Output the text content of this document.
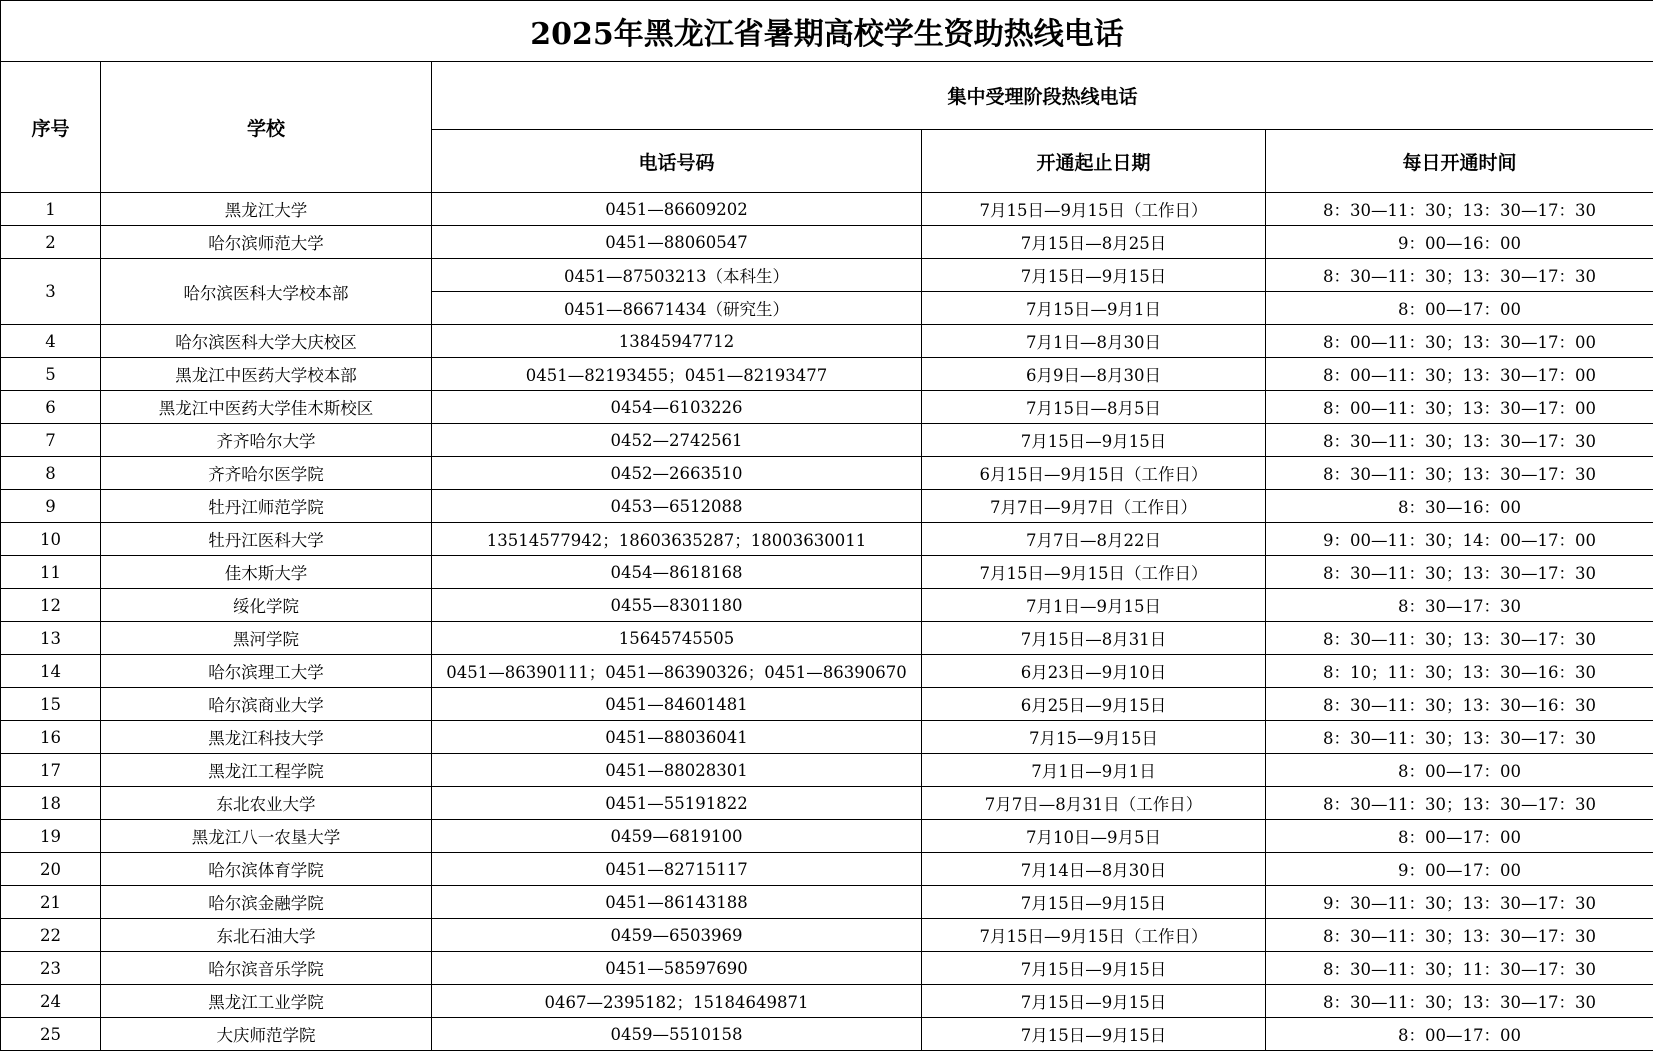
2025年黑龙江省暑期高校学生资助热线电话				
序号	学校	集中受理阶段热线电话		
		电话号码	开通起止日期	每日开通时间
1	黑龙江大学	0451—86609202	7月15日—9月15日（工作日）	8：30—11：30；13：30—17：30
2	哈尔滨师范大学	0451—88060547	7月15日—8月25日	9：00—16：00
3	哈尔滨医科大学校本部	0451—87503213（本科生）	7月15日—9月15日	8：30—11：30；13：30—17：30
		0451—86671434（研究生）	7月15日—9月1日	8：00—17：00
4	哈尔滨医科大学大庆校区	13845947712	7月1日—8月30日	8：00—11：30；13：30—17：00
5	黑龙江中医药大学校本部	0451—82193455；0451—82193477	6月9日—8月30日	8：00—11：30；13：30—17：00
6	黑龙江中医药大学佳木斯校区	0454—6103226	7月15日—8月5日	8：00—11：30；13：30—17：00
7	齐齐哈尔大学	0452—2742561	7月15日—9月15日	8：30—11：30；13：30—17：30
8	齐齐哈尔医学院	0452—2663510	6月15日—9月15日（工作日）	8：30—11：30；13：30—17：30
9	牡丹江师范学院	0453—6512088	7月7日—9月7日（工作日）	8：30—16：00
10	牡丹江医科大学	13514577942；18603635287；18003630011	7月7日—8月22日	9：00—11：30；14：00—17：00
11	佳木斯大学	0454—8618168	7月15日—9月15日（工作日）	8：30—11：30；13：30—17：30
12	绥化学院	0455—8301180	7月1日—9月15日	8：30—17：30
13	黑河学院	15645745505	7月15日—8月31日	8：30—11：30；13：30—17：30
14	哈尔滨理工大学	0451—86390111；0451—86390326；0451—86390670	6月23日—9月10日	8：10；11：30；13：30—16：30
15	哈尔滨商业大学	0451—84601481	6月25日—9月15日	8：30—11：30；13：30—16：30
16	黑龙江科技大学	0451—88036041	7月15—9月15日	8：30—11：30；13：30—17：30
17	黑龙江工程学院	0451—88028301	7月1日—9月1日	8：00—17：00
18	东北农业大学	0451—55191822	7月7日—8月31日（工作日）	8：30—11：30；13：30—17：30
19	黑龙江八一农垦大学	0459—6819100	7月10日—9月5日	8：00—17：00
20	哈尔滨体育学院	0451—82715117	7月14日—8月30日	9：00—17：00
21	哈尔滨金融学院	0451—86143188	7月15日—9月15日	9：30—11：30；13：30—17：30
22	东北石油大学	0459—6503969	7月15日—9月15日（工作日）	8：30—11：30；13：30—17：30
23	哈尔滨音乐学院	0451—58597690	7月15日—9月15日	8：30—11：30；11：30—17：30
24	黑龙江工业学院	0467—2395182；15184649871	7月15日—9月15日	8：30—11：30；13：30—17：30
25	大庆师范学院	0459—5510158	7月15日—9月15日	8：00—17：00
